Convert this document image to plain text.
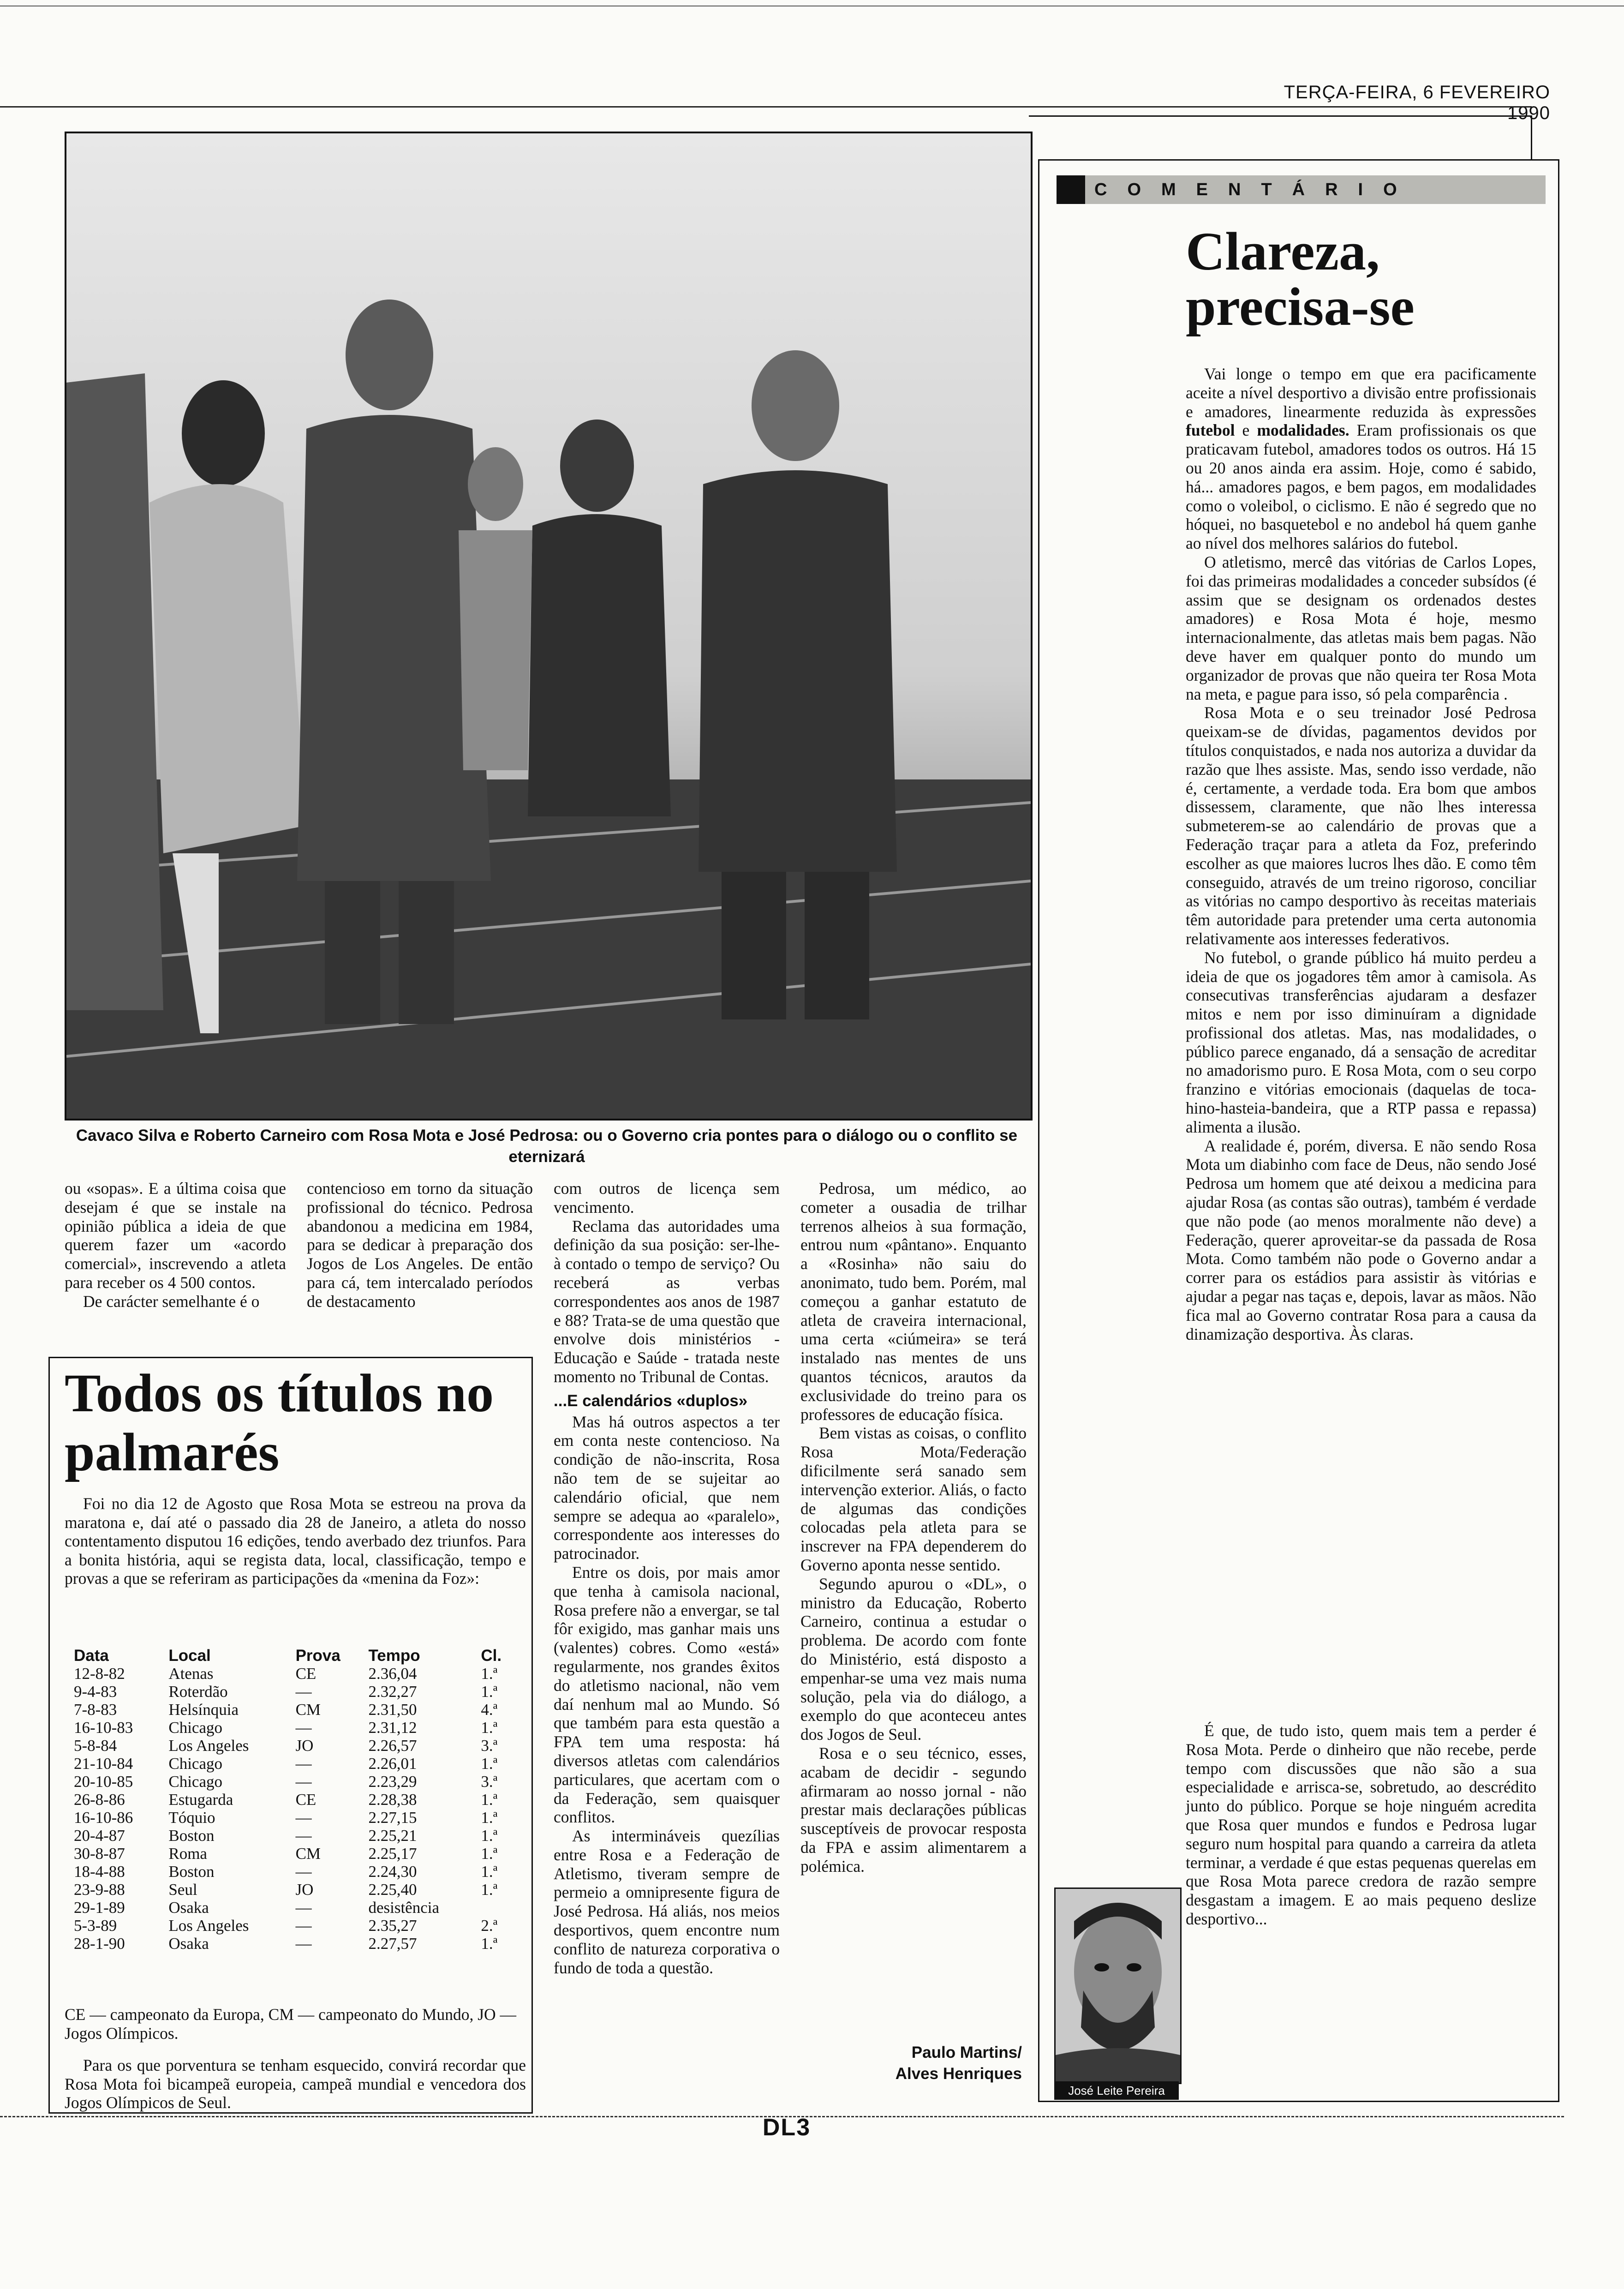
TERÇA-FEIRA, 6 FEVEREIRO 1990
Cavaco Silva e Roberto Carneiro com Rosa Mota e José Pedrosa: ou o Governo cria pontes para o diálogo ou o conflito se eternizará

ou «sopas». E a última coisa que desejam é que se instale na opinião pública a ideia de que querem fazer um «acordo comercial», inscrevendo a atleta para receber os 4 500 contos.

De carácter semelhante é o

contencioso em torno da situação profissional do técnico. Pedrosa abandonou a medicina em 1984, para se dedicar à preparação dos Jogos de Los Angeles. De então para cá, tem intercalado períodos de destacamento

com outros de licença sem vencimento.

Reclama das autoridades uma definição da sua posição: ser-lhe-à contado o tempo de serviço? Ou receberá as verbas correspondentes aos anos de 1987 e 88? Trata-se de uma questão que envolve dois ministérios - Educação e Saúde - tratada neste momento no Tribunal de Contas.

...E calendários «duplos»

Mas há outros aspectos a ter em conta neste contencioso. Na condição de não-inscrita, Rosa não tem de se sujeitar ao calendário oficial, que nem sempre se adequa ao «paralelo», correspondente aos interesses do patrocinador.

Entre os dois, por mais amor que tenha à camisola nacional, Rosa prefere não a envergar, se tal fôr exigido, mas ganhar mais uns (valentes) cobres. Como «está» regularmente, nos grandes êxitos do atletismo nacional, não vem daí nenhum mal ao Mundo. Só que também para esta questão a FPA tem uma resposta: há diversos atletas com calendários particulares, que acertam com o da Federação, sem quaisquer conflitos.

As intermináveis quezílias entre Rosa e a Federação de Atletismo, tiveram sempre de permeio a omnipresente figura de José Pedrosa. Há aliás, nos meios desportivos, quem encontre num conflito de natureza corporativa o fundo de toda a questão.

Pedrosa, um médico, ao cometer a ousadia de trilhar terrenos alheios à sua formação, entrou num «pântano». Enquanto a «Rosinha» não saiu do anonimato, tudo bem. Porém, mal começou a ganhar estatuto de atleta de craveira internacional, uma certa «ciúmeira» se terá instalado nas mentes de uns quantos técnicos, arautos da exclusividade do treino para os professores de educação física.

Bem vistas as coisas, o conflito Rosa Mota/Federação dificilmente será sanado sem intervenção exterior. Aliás, o facto de algumas das condições colocadas pela atleta para se inscrever na FPA dependerem do Governo aponta nesse sentido.

Segundo apurou o «DL», o ministro da Educação, Roberto Carneiro, continua a estudar o problema. De acordo com fonte do Ministério, está disposto a empenhar-se uma vez mais numa solução, pela via do diálogo, a exemplo do que aconteceu antes dos Jogos de Seul.

Rosa e o seu técnico, esses, acabam de decidir - segundo afirmaram ao nosso jornal - não prestar mais declarações públicas susceptíveis de provocar resposta da FPA e assim alimentarem a polémica.

Paulo Martins/
Alves Henriques
Todos os títulos no palmarés
Foi no dia 12 de Agosto que Rosa Mota se estreou na prova da maratona e, daí até o passado dia 28 de Janeiro, a atleta do nosso contentamento disputou 16 edições, tendo averbado dez triunfos. Para a bonita história, aqui se regista data, local, classificação, tempo e provas a que se referiram as participações da «menina da Foz»:
Data	Local	Prova	Tempo	Cl.
12-8-82	Atenas	CE	2.36,04	1.ª
9-4-83	Roterdão	—	2.32,27	1.ª
7-8-83	Helsínquia	CM	2.31,50	4.ª
16-10-83	Chicago	—	2.31,12	1.ª
5-8-84	Los Angeles	JO	2.26,57	3.ª
21-10-84	Chicago	—	2.26,01	1.ª
20-10-85	Chicago	—	2.23,29	3.ª
26-8-86	Estugarda	CE	2.28,38	1.ª
16-10-86	Tóquio	—	2.27,15	1.ª
20-4-87	Boston	—	2.25,21	1.ª
30-8-87	Roma	CM	2.25,17	1.ª
18-4-88	Boston	—	2.24,30	1.ª
23-9-88	Seul	JO	2.25,40	1.ª
29-1-89	Osaka	—	desistência	
5-3-89	Los Angeles	—	2.35,27	2.ª
28-1-90	Osaka	—	2.27,57	1.ª
CE — campeonato da Europa, CM — campeonato do Mundo, JO — Jogos Olímpicos.
Para os que porventura se tenham esquecido, convirá recordar que Rosa Mota foi bicampeã europeia, campeã mundial e vencedora dos Jogos Olímpicos de Seul.
COMENTÁRIO
Clareza, precisa-se

Vai longe o tempo em que era pacificamente aceite a nível desportivo a divisão entre profissionais e amadores, linearmente reduzida às expressões futebol e modalidades. Eram profissionais os que praticavam futebol, amadores todos os outros. Há 15 ou 20 anos ainda era assim. Hoje, como é sabido, há... amadores pagos, e bem pagos, em modalidades como o voleibol, o ciclismo. E não é segredo que no hóquei, no basquetebol e no andebol há quem ganhe ao nível dos melhores salários do futebol.

O atletismo, mercê das vitórias de Carlos Lopes, foi das primeiras modalidades a conceder subsídos (é assim que se designam os ordenados destes amadores) e Rosa Mota é hoje, mesmo internacionalmente, das atletas mais bem pagas. Não deve haver em qualquer ponto do mundo um organizador de provas que não queira ter Rosa Mota na meta, e pague para isso, só pela comparência .

Rosa Mota e o seu treinador José Pedrosa queixam-se de dívidas, pagamentos devidos por títulos conquistados, e nada nos autoriza a duvidar da razão que lhes assiste. Mas, sendo isso verdade, não é, certamente, a verdade toda. Era bom que ambos dissessem, claramente, que não lhes interessa submeterem-se ao calendário de provas que a Federação traçar para a atleta da Foz, preferindo escolher as que maiores lucros lhes dão. E como têm conseguido, através de um treino rigoroso, conciliar as vitórias no campo desportivo às receitas materiais têm autoridade para pretender uma certa autonomia relativamente aos interesses federativos.

No futebol, o grande público há muito perdeu a ideia de que os jogadores têm amor à camisola. As consecutivas transferências ajudaram a desfazer mitos e nem por isso diminuíram a dignidade profissional dos atletas. Mas, nas modalidades, o público parece enganado, dá a sensação de acreditar no amadorismo puro. E Rosa Mota, com o seu corpo franzino e vitórias emocionais (daquelas de toca-hino-hasteia-bandeira, que a RTP passa e repassa) alimenta a ilusão.

A realidade é, porém, diversa. E não sendo Rosa Mota um diabinho com face de Deus, não sendo José Pedrosa um homem que até deixou a medicina para ajudar Rosa (as contas são outras), também é verdade que não pode (ao menos moralmente não deve) a Federação, querer aproveitar-se da passada de Rosa Mota. Como também não pode o Governo andar a correr para os estádios para assistir às vitórias e ajudar a pegar nas taças e, depois, lavar as mãos. Não fica mal ao Governo contratar Rosa para a causa da dinamização desportiva. Às claras.

É que, de tudo isto, quem mais tem a perder é Rosa Mota. Perde o dinheiro que não recebe, perde tempo com discussões que não são a sua especialidade e arrisca-se, sobretudo, ao descrédito junto do público. Porque se hoje ninguém acredita que Rosa quer mundos e fundos e Pedrosa lugar seguro num hospital para quando a carreira da atleta terminar, a verdade é que estas pequenas querelas em que Rosa Mota parece credora de razão sempre desgastam a imagem. E ao mais pequeno deslize desportivo...

José Leite Pereira
DL3
